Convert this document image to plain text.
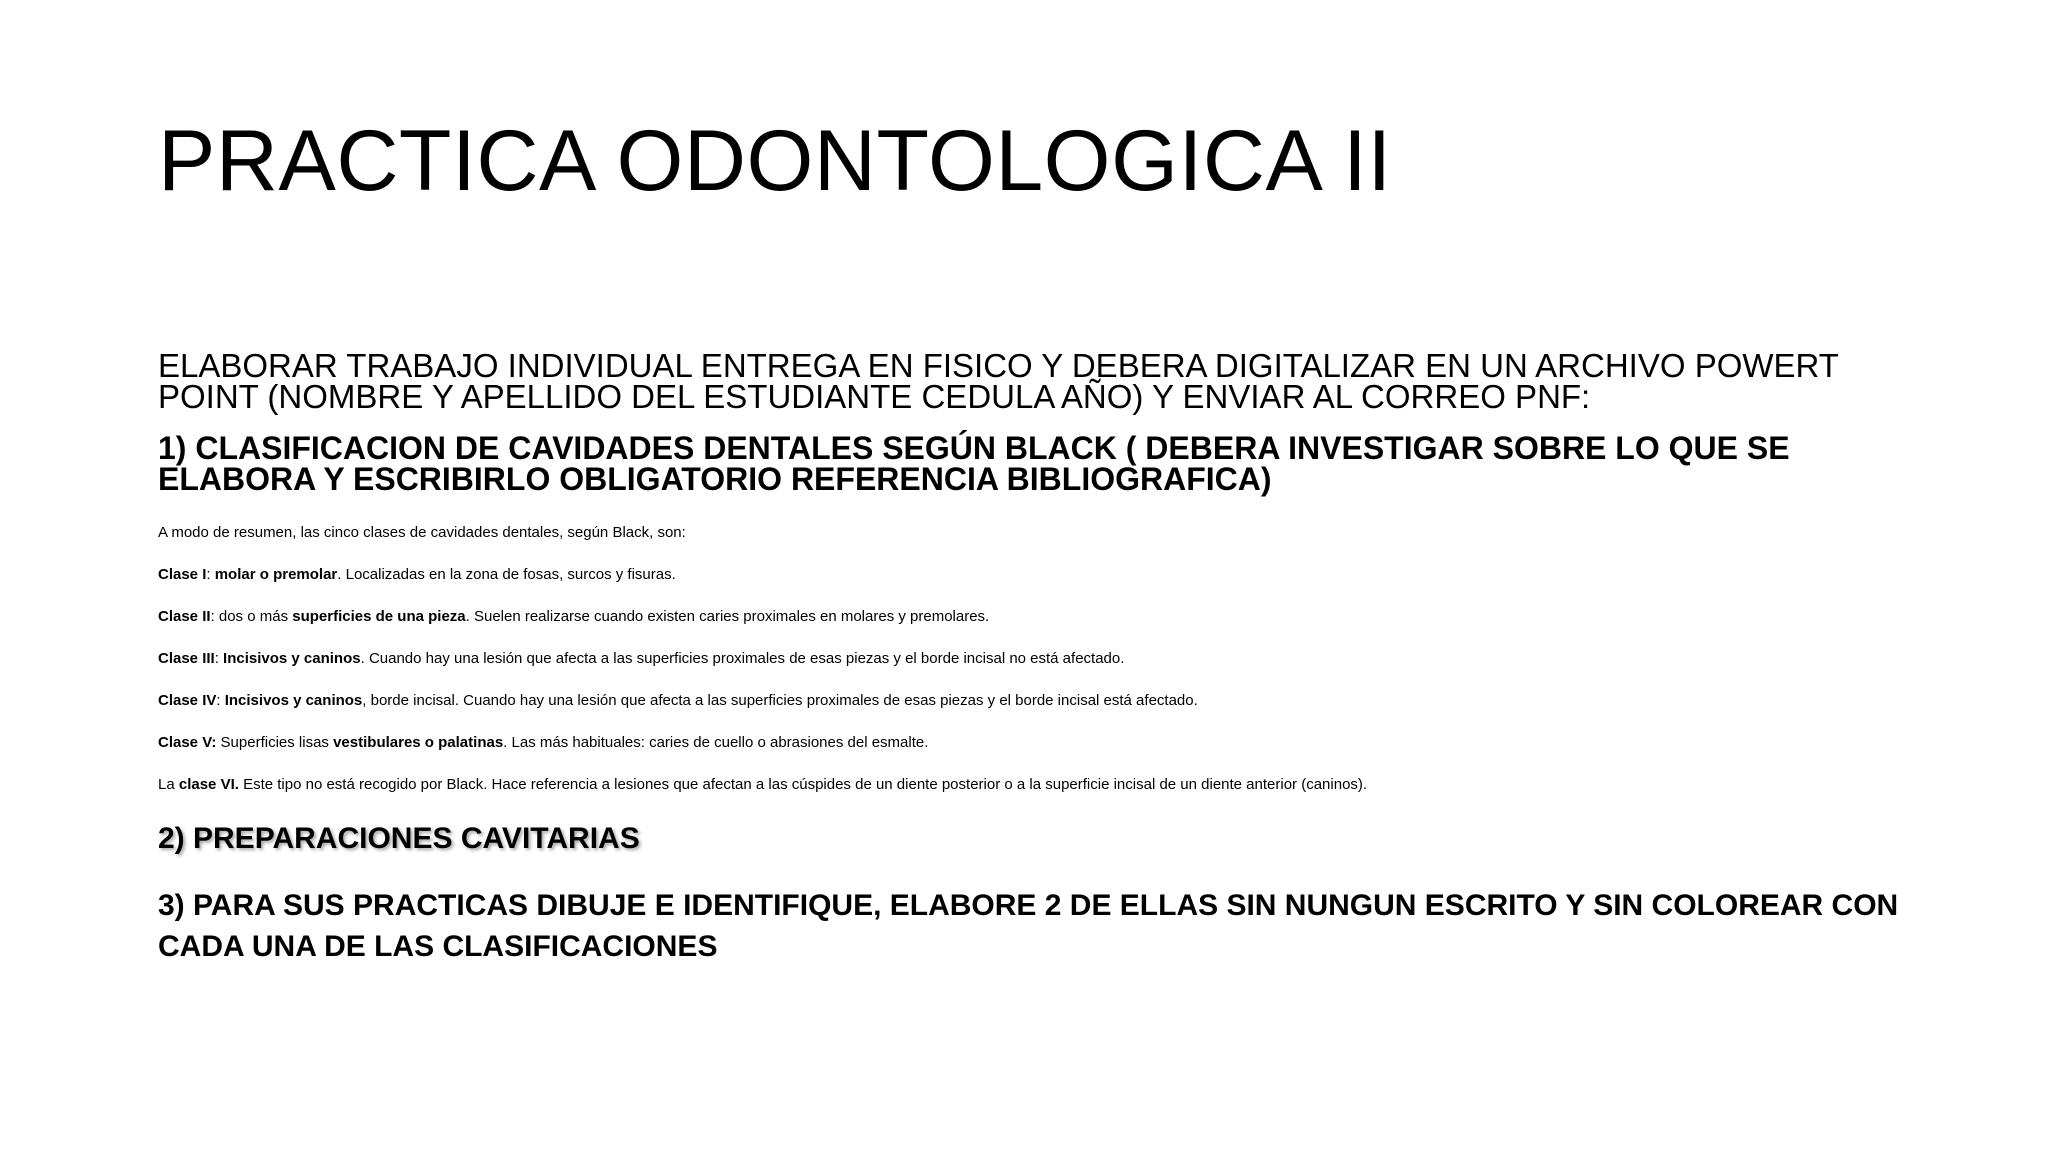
PRACTICA ODONTOLOGICA II
ELABORAR TRABAJO INDIVIDUAL ENTREGA EN FISICO Y DEBERA DIGITALIZAR EN UN ARCHIVO POWERT POINT (NOMBRE Y APELLIDO DEL ESTUDIANTE CEDULA AÑO) Y ENVIAR AL CORREO PNF:
1) CLASIFICACION DE CAVIDADES DENTALES SEGÚN BLACK ( DEBERA INVESTIGAR SOBRE LO QUE SE ELABORA Y ESCRIBIRLO OBLIGATORIO REFERENCIA BIBLIOGRAFICA)
A modo de resumen, las cinco clases de cavidades dentales, según Black, son:
Clase I: molar o premolar. Localizadas en la zona de fosas, surcos y fisuras.
Clase II: dos o más superficies de una pieza. Suelen realizarse cuando existen caries proximales en molares y premolares.
Clase III: Incisivos y caninos. Cuando hay una lesión que afecta a las superficies proximales de esas piezas y el borde incisal no está afectado.
Clase IV: Incisivos y caninos, borde incisal. Cuando hay una lesión que afecta a las superficies proximales de esas piezas y el borde incisal está afectado.
Clase V: Superficies lisas vestibulares o palatinas. Las más habituales: caries de cuello o abrasiones del esmalte.
La clase VI. Este tipo no está recogido por Black. Hace referencia a lesiones que afectan a las cúspides de un diente posterior o a la superficie incisal de un diente anterior (caninos).
2) PREPARACIONES CAVITARIAS
3) PARA SUS PRACTICAS DIBUJE E IDENTIFIQUE, ELABORE 2 DE ELLAS SIN NUNGUN ESCRITO Y SIN COLOREAR CON CADA UNA DE LAS CLASIFICACIONES
